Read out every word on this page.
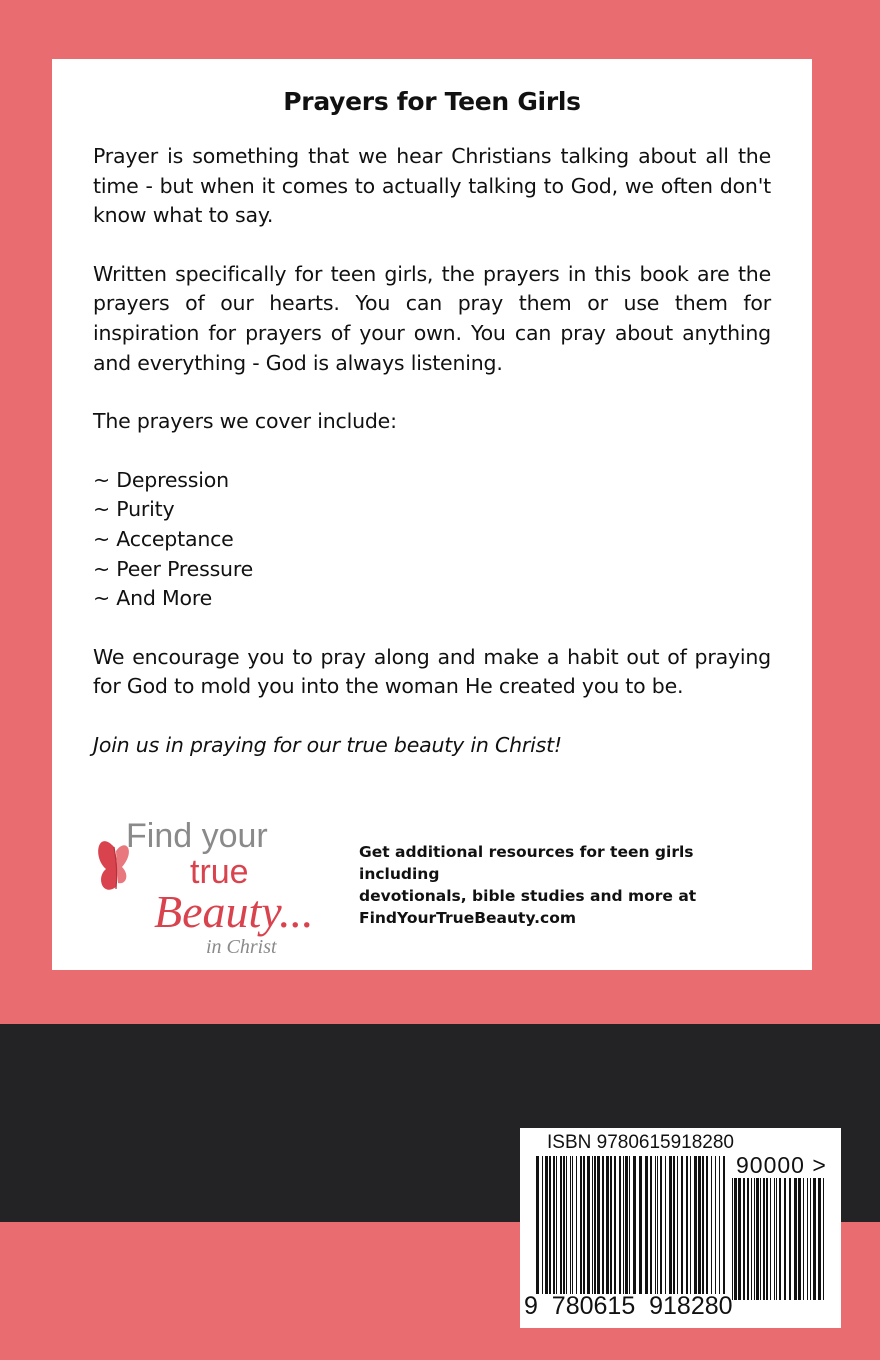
Prayers for Teen Girls

Prayer is something that we hear Christians talking about all the time - but when it comes to actually talking to God, we often don't know what to say.

Written specifically for teen girls, the prayers in this book are the prayers of our hearts. You can pray them or use them for inspiration for prayers of your own. You can pray about anything and everything - God is always listening.

The prayers we cover include:

~ Depression
~ Purity
~ Acceptance
~ Peer Pressure
~ And More

We encourage you to pray along and make a habit out of praying for God to mold you into the woman He created you to be.

Join us in praying for our true beauty in Christ!

Find your
true
Beauty...
in Christ
Get additional resources for teen girls including
devotionals, bible studies and more at
FindYourTrueBeauty.com
ISBN 9780615918280
90000 >
9  780615  918280
